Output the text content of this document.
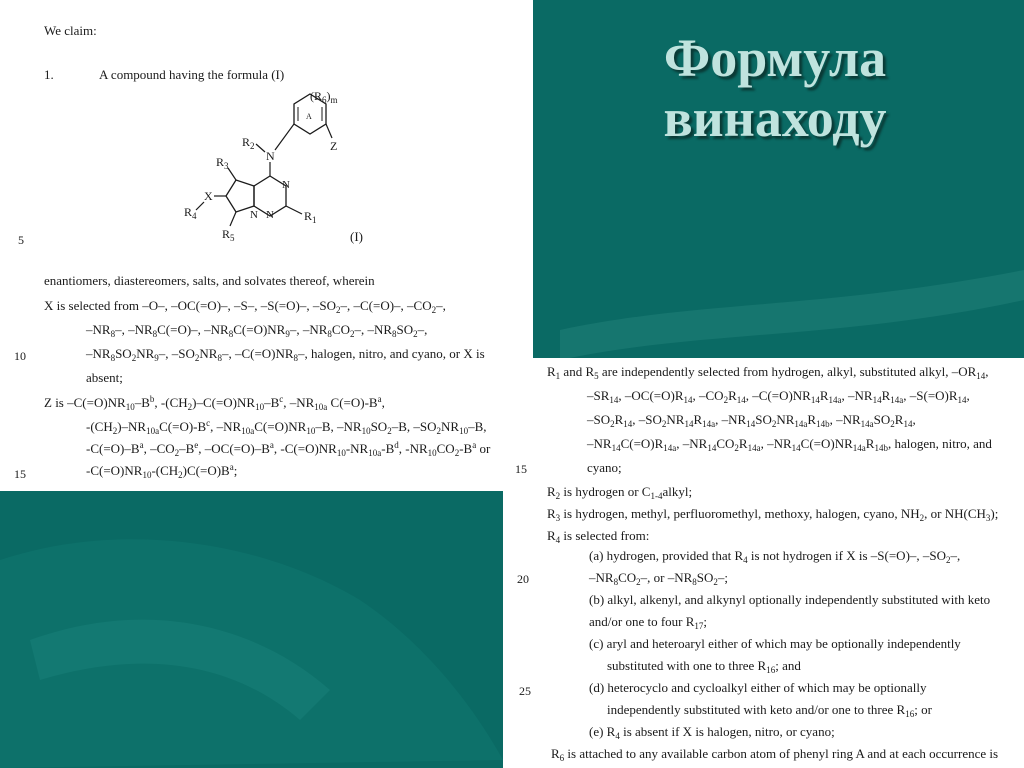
Формула
винаходу
We claim:
1.	A compound having the formula (I)
A
$(R_6)_m$
Z
N
$R_2$
N
N
N	$R_1$
$R_3$
X
$R_4$
$R_5$	(I)
5
enantiomers, diastereomers, salts, and solvates thereof, wherein
X is selected from –O–, –OC(=O)–, –S–, –S(=O)–, $-SO_2-$, –C(=O)–, $-CO_2-$,
$-NR_8-$, $-NR_8C(=O)-$, $-NR_8C(=O)NR_9-$, $-NR_8CO_2-$, $-NR_8SO_2-$,
10	$-NR_8SO_2NR_9-$, $-SO_2NR_8-$, $-C(=O)NR_8-$, halogen, nitro, and cyano, or X is
absent;
Z is $-C(=O)NR_{10}-B^b$, $-(CH_2)-C(=O)NR_{10}-B^c$, $-NR_{10a}$ $C(=O)-B^a$,
$-(CH_2)-NR_{10a}C(=O)-B^c$, $-NR_{10a}C(=O)NR_{10}-B$, $-NR_{10}SO_2-B$, $-SO_2NR_{10}-B$,
$-C(=O)-B^a$, $-CO_2-B^e$, $-OC(=O)-B^a$, $-C(=O)NR_{10}-NR_{10a}-B^d$, $-NR_{10}CO_2-B^a$ or
15	$-C(=O)NR_{10}-(CH_2)C(=O)B^a$;
$R_1$ and $R_5$ are independently selected from hydrogen, alkyl, substituted alkyl, $-OR_{14}$,
$-SR_{14}$, $-OC(=O)R_{14}$, $-CO_2R_{14}$, $-C(=O)NR_{14}R_{14a}$, $-NR_{14}R_{14a}$, $-S(=O)R_{14}$,
$-SO_2R_{14}$, $-SO_2NR_{14}R_{14a}$, $-NR_{14}SO_2NR_{14a}R_{14b}$, $-NR_{14a}SO_2R_{14}$,
$-NR_{14}C(=O)R_{14a}$, $-NR_{14}CO_2R_{14a}$, $-NR_{14}C(=O)NR_{14a}R_{14b}$, halogen, nitro, and
15	cyano;
$R_2$ is hydrogen or $C_{1-4}alkyl$;
$R_3$ is hydrogen, methyl, perfluoromethyl, methoxy, halogen, cyano, $NH_2$, or $NH(CH_3)$;
$R_4$ is selected from:
(a) hydrogen, provided that $R_4$ is not hydrogen if X is –S(=O)–, $-SO_2-$,
20	$-NR_8CO_2-$, or $-NR_8SO_2-$;
(b) alkyl, alkenyl, and alkynyl optionally independently substituted with keto
and/or one to four $R_{17}$;
(c) aryl and heteroaryl either of which may be optionally independently
substituted with one to three $R_{16}$; and
25	(d) heterocyclo and cycloalkyl either of which may be optionally
independently substituted with keto and/or one to three $R_{16}$; or
(e) $R_4$ is absent if X is halogen, nitro, or cyano;
$R_6$ is attached to any available carbon atom of phenyl ring A and at each occurrence is
